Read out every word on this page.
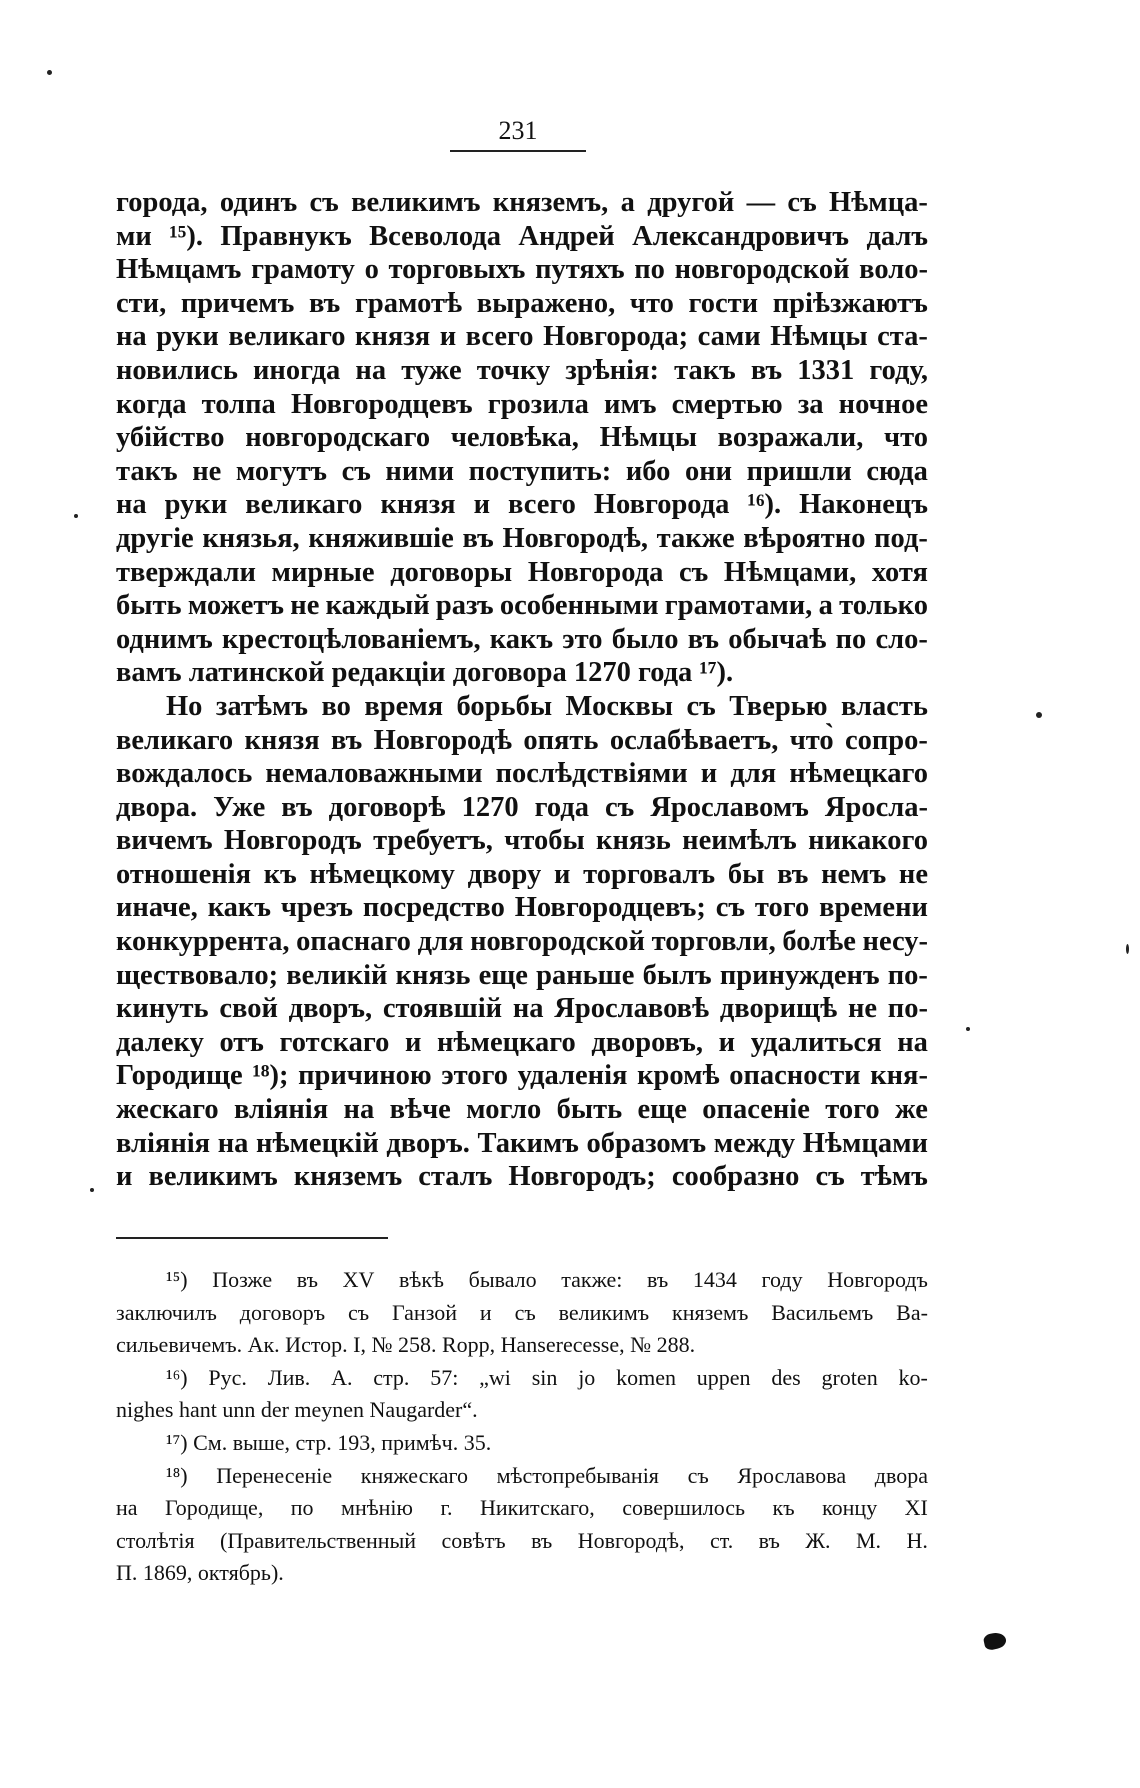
231
города, одинъ съ великимъ княземъ, а другой — съ Нѣмца-
ми ¹⁵). Правнукъ Всеволода Андрей Александровичъ далъ
Нѣмцамъ грамоту о торговыхъ путяхъ по новгородской воло-
сти, причемъ въ грамотѣ выражено, что гости пріѣзжаютъ
на руки великаго князя и всего Новгорода; сами Нѣмцы ста-
новились иногда на туже точку зрѣнія: такъ въ 1331 году,
когда толпа Новгородцевъ грозила имъ смертью за ночное
убійство новгородскаго человѣка, Нѣмцы возражали, что
такъ не могутъ съ ними поступить: ибо они пришли сюда
на руки великаго князя и всего Новгорода ¹⁶). Наконецъ
другіе князья, княжившіе въ Новгородѣ, также вѣроятно под-
тверждали мирные договоры Новгорода съ Нѣмцами, хотя
быть можетъ не каждый разъ особенными грамотами, а только
однимъ крестоцѣлованіемъ, какъ это было въ обычаѣ по сло-
вамъ латинской редакціи договора 1270 года ¹⁷).
Но затѣмъ во время борьбы Москвы съ Тверью власть
великаго князя въ Новгородѣ опять ослабѣваетъ, что̀ сопро-
вождалось немаловажными послѣдствіями и для нѣмецкаго
двора. Уже въ договорѣ 1270 года съ Ярославомъ Яросла-
вичемъ Новгородъ требуетъ, чтобы князь неимѣлъ никакого
отношенія къ нѣмецкому двору и торговалъ бы въ немъ не
иначе, какъ чрезъ посредство Новгородцевъ; съ того времени
конкуррента, опаснаго для новгородской торговли, болѣе несу-
ществовало; великій князь еще раньше былъ принужденъ по-
кинуть свой дворъ, стоявшій на Ярославовѣ дворищѣ не по-
далеку отъ готскаго и нѣмецкаго дворовъ, и удалиться на
Городище ¹⁸); причиною этого удаленія кромѣ опасности кня-
жескаго вліянія на вѣче могло быть еще опасеніе того же
вліянія на нѣмецкій дворъ. Такимъ образомъ между Нѣмцами
и великимъ княземъ сталъ Новгородъ; сообразно съ тѣмъ
¹⁵) Позже въ XV вѣкѣ бывало также: въ 1434 году Новгородъ
заключилъ договоръ съ Ганзой и съ великимъ княземъ Васильемъ Ва-
сильевичемъ. Ак. Истор. I, № 258. Ropp, Hanserecesse, № 288.
¹⁶) Рус. Лив. А. стр. 57: „wi sin jo komen uppen des groten ko-
nighes hant unn der meynen Naugarder“.
¹⁷) См. выше, стр. 193, примѣч. 35.
¹⁸) Перенесеніе княжескаго мѣстопребыванія съ Ярославова двора
на Городище, по мнѣнію г. Никитскаго, совершилось къ концу XI
столѣтія (Правительственный совѣтъ въ Новгородѣ, ст. въ Ж. М. Н.
П. 1869, октябрь).
